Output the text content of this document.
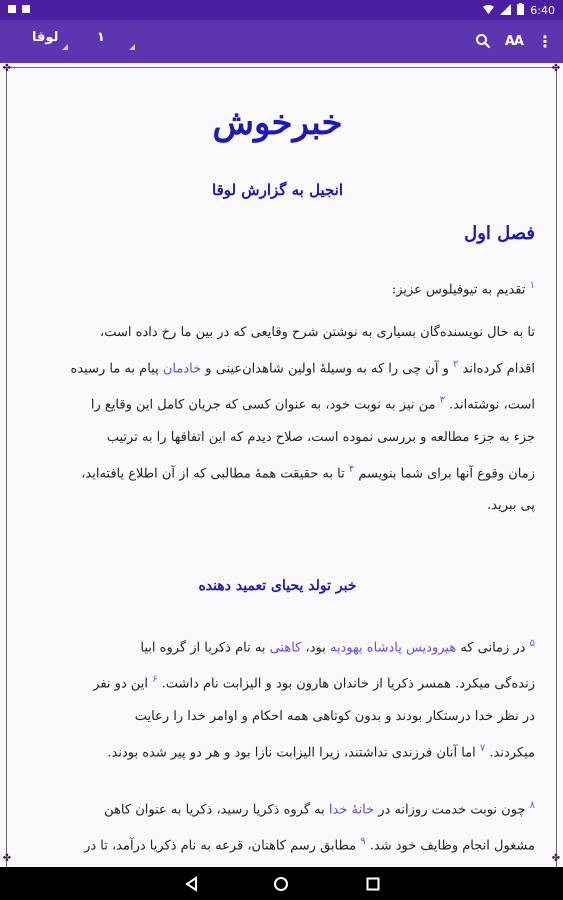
6:40
لوقا	۱	AA ⋮
✤	✤
✤	✤
خبرخوش
انجیل به گزارش لوقا
فصل اول
$^۱$ تقدیم به تیوفیلوس عزیز:
تا به حال نویسنده‌گان بسیاری به نوشتن شرح وقایعی که در بین ما رخ داده است،
اقدام کرده‌اند $^۲$ و آن چی را که به وسیلهٔ اولین شاهدان‌عینی و خادمان پیام به ما رسیده
است، نوشته‌اند. $^۳$ من نیز به نوبت خود، به عنوان کسی که جریان کامل این وقایع را
جزء به جزء مطالعه و بررسی نموده است، صلاح دیدم که این اتفاقها را به ترتیب
زمان وقوع آنها برای شما بنویسم $^۴$ تا به حقیقت همهٔ مطالبی که از آن اطلاع یافته‌اید،
پی ببرید.
خبر تولد یحیای تعمید دهنده
$^۵$ در زمانی که هیرودیس پادشاه یهودیه بود، کاهنی به نام ذکریا از گروه ابیا
زنده‌گی میکرد. همسر ذکریا از خاندان هارون بود و الیزابت نام داشت. $^۶$ این دو نفر
در نظر خدا درستکار بودند و بدون کوتاهی همه احکام و اوامر خدا را رعایت
میکردند. $^۷$ اما آنان فرزندی نداشتند، زیرا الیزابت نازا بود و هر دو پیر شده بودند.
$^۸$ چون نوبت خدمت روزانه در خانهٔ خدا به گروه ذکریا رسید، ذکریا به عنوان کاهن
مشغول انجام وظایف خود شد. $^۹$ مطابق رسم کاهنان، قرعه به نام ذکریا درآمد، تا در
